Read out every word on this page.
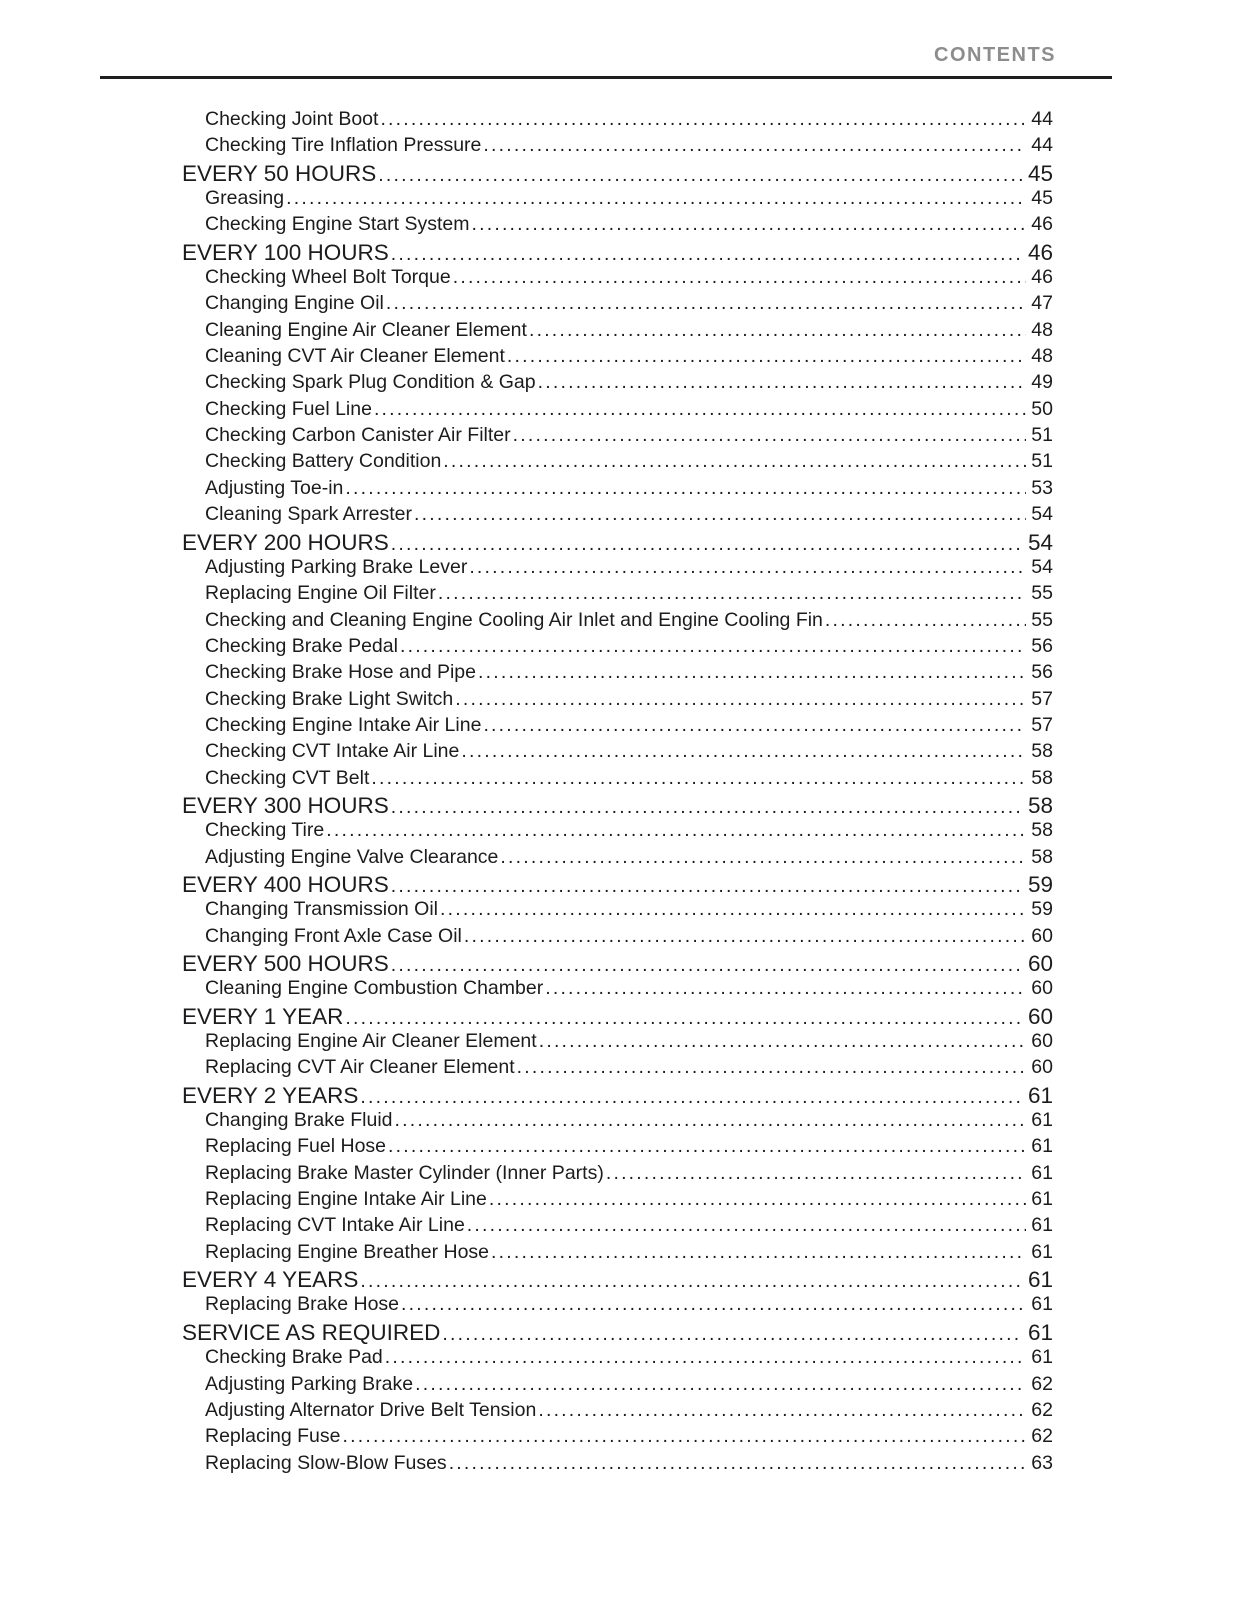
CONTENTS
Checking Joint Boot .....	44
Checking Tire Inflation Pressure .....	44
EVERY 50 HOURS .....	45
Greasing .....	45
Checking Engine Start System .....	46
EVERY 100 HOURS .....	46
Checking Wheel Bolt Torque .....	46
Changing Engine Oil .....	47
Cleaning Engine Air Cleaner Element .....	48
Cleaning CVT Air Cleaner Element .....	48
Checking Spark Plug Condition & Gap .....	49
Checking Fuel Line .....	50
Checking Carbon Canister Air Filter .....	51
Checking Battery Condition .....	51
Adjusting Toe-in .....	53
Cleaning Spark Arrester .....	54
EVERY 200 HOURS .....	54
Adjusting Parking Brake Lever .....	54
Replacing Engine Oil Filter .....	55
Checking and Cleaning Engine Cooling Air Inlet and Engine Cooling Fin .....	55
Checking Brake Pedal .....	56
Checking Brake Hose and Pipe .....	56
Checking Brake Light Switch .....	57
Checking Engine Intake Air Line .....	57
Checking CVT Intake Air Line .....	58
Checking CVT Belt .....	58
EVERY 300 HOURS .....	58
Checking Tire .....	58
Adjusting Engine Valve Clearance .....	58
EVERY 400 HOURS .....	59
Changing Transmission Oil .....	59
Changing Front Axle Case Oil .....	60
EVERY 500 HOURS .....	60
Cleaning Engine Combustion Chamber .....	60
EVERY 1 YEAR .....	60
Replacing Engine Air Cleaner Element .....	60
Replacing CVT Air Cleaner Element .....	60
EVERY 2 YEARS .....	61
Changing Brake Fluid .....	61
Replacing Fuel Hose .....	61
Replacing Brake Master Cylinder (Inner Parts) .....	61
Replacing Engine Intake Air Line .....	61
Replacing CVT Intake Air Line .....	61
Replacing Engine Breather Hose .....	61
EVERY 4 YEARS .....	61
Replacing Brake Hose .....	61
SERVICE AS REQUIRED .....	61
Checking Brake Pad .....	61
Adjusting Parking Brake .....	62
Adjusting Alternator Drive Belt Tension .....	62
Replacing Fuse .....	62
Replacing Slow-Blow Fuses .....	63
